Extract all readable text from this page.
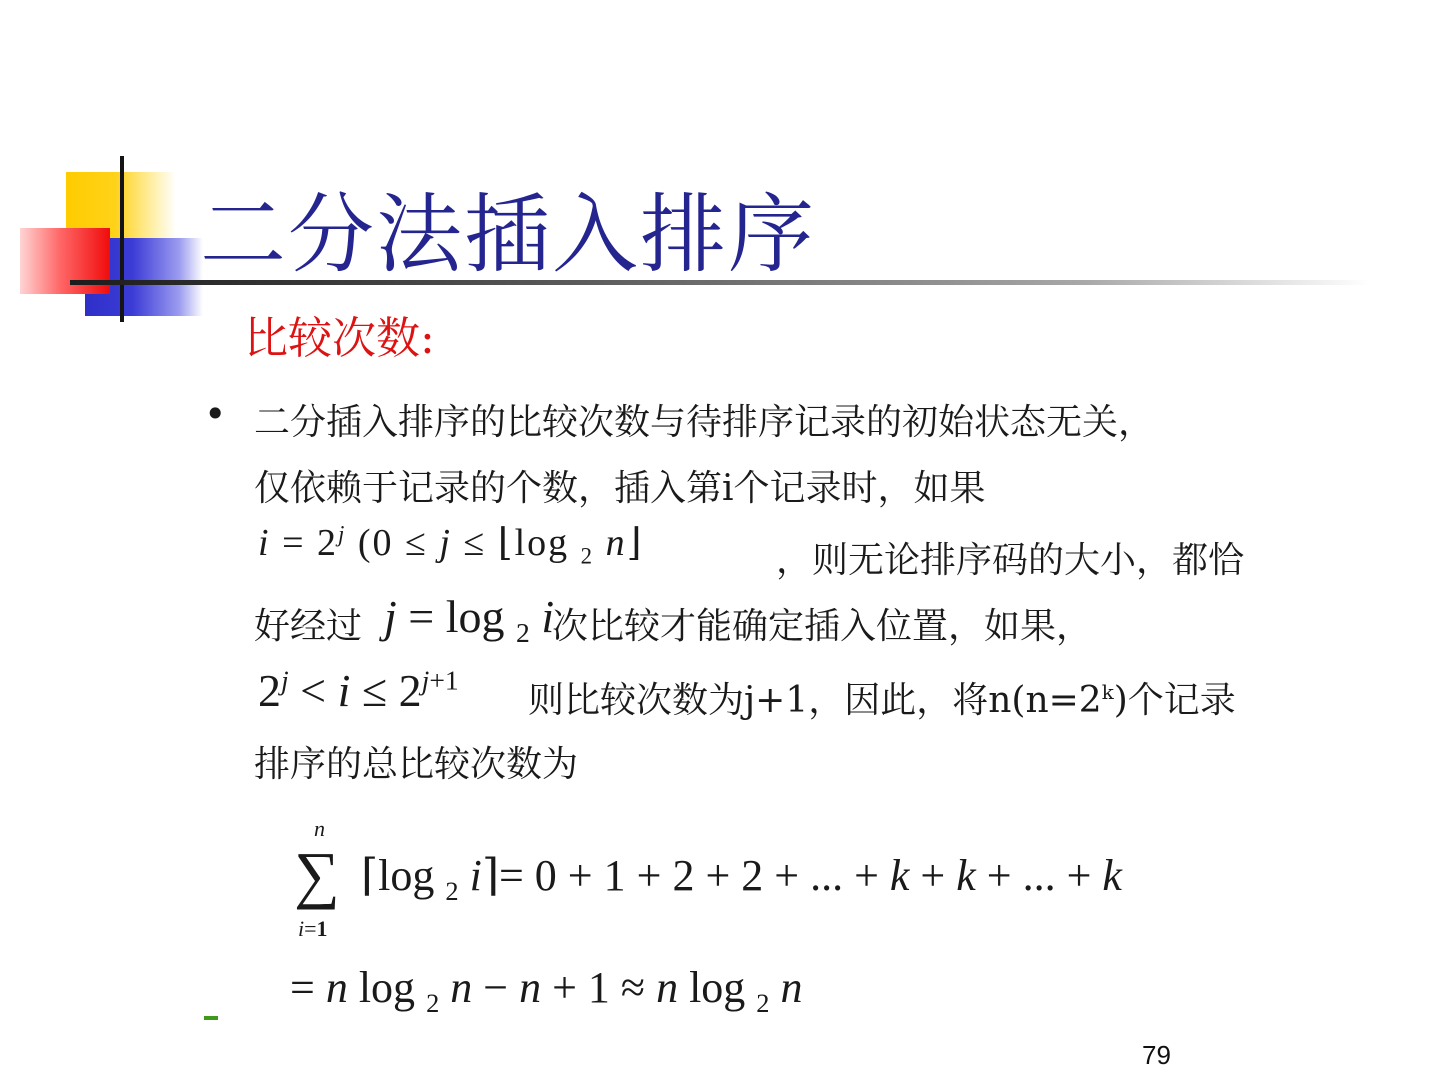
二分法插入排序
比较次数:
• 二分插入排序的比较次数与待排序记录的初始状态无关，
仅依赖于记录的个数，插入第i个记录时，如果
$i = 2^j$ (0 ≤ j ≤ ⌊log $_2$ n⌋	，则无论排序码的大小，都恰
好经过	次比较才能确定插入位置，如果，
j = log $_2$ i
$2^j < i \le 2^{j+1}$ 则比较次数为j+1，因此，将$n(n=2^k)$个记录
排序的总比较次数为
n
∑
i=1
⌈log $_2$ i⌉= 0 + 1 + 2 + 2 + ... + k + k + ... + k
= n log $_2$ n − n + 1 ≈ n log $_2$ n
79
